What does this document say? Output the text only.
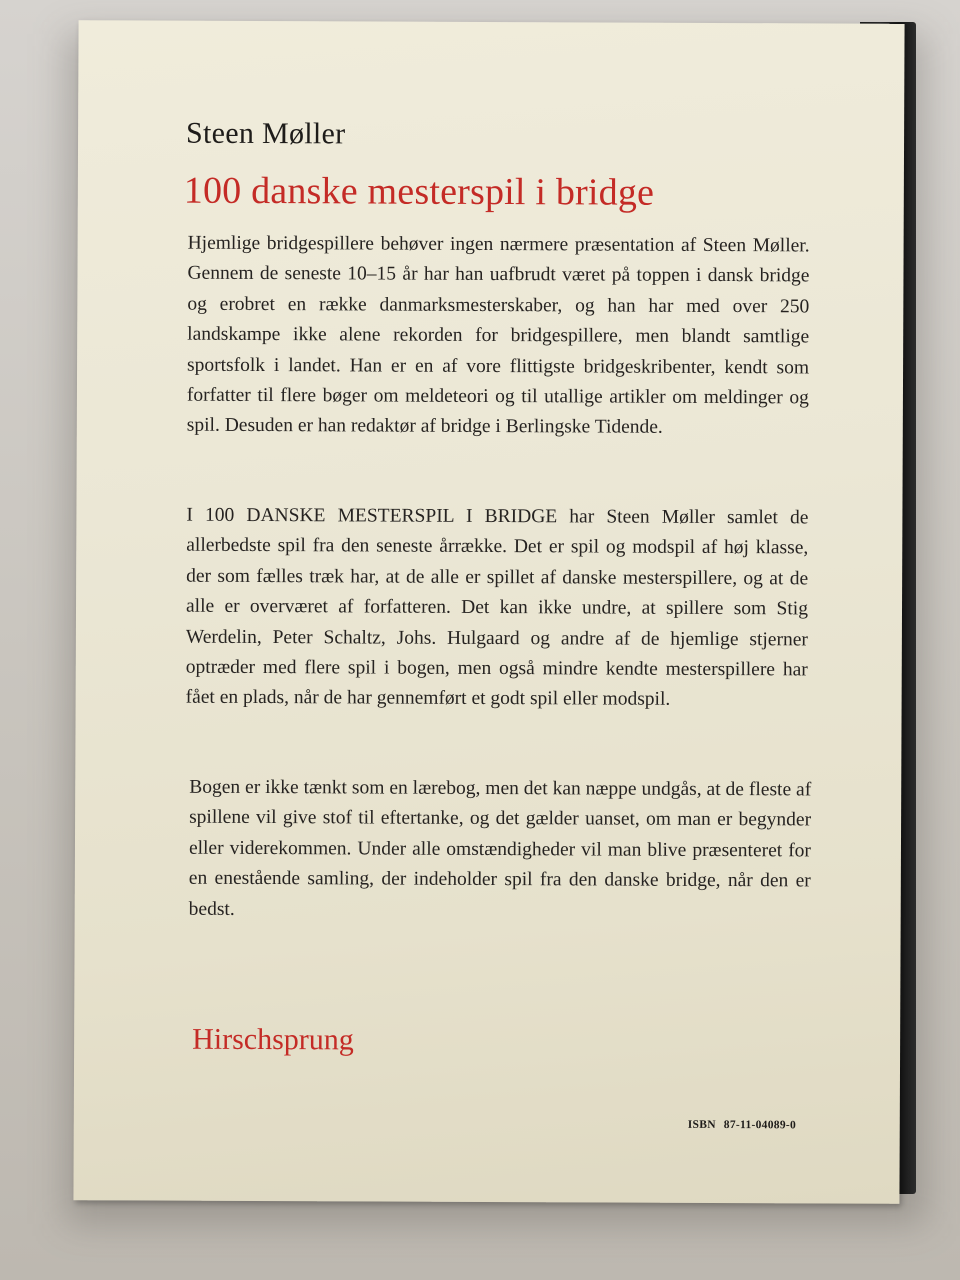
Steen Møller
100 danske mesterspil i bridge
Hjemlige bridgespillere behøver ingen nærmere præsentation af Steen Møller. Gennem de seneste 10–15 år har han uafbrudt været på toppen i dansk bridge og erobret en række danmarksmesterskaber, og han har med over 250 landskampe ikke alene rekorden for bridgespillere, men blandt samtlige sportsfolk i landet. Han er en af vore flittigste bridgeskribenter, kendt som forfatter til flere bøger om meldeteori og til utallige artikler om meldinger og spil. Desuden er han redaktør af bridge i Berlingske Tidende.
I 100 DANSKE MESTERSPIL I BRIDGE har Steen Møller samlet de allerbedste spil fra den seneste årrække. Det er spil og modspil af høj klasse, der som fælles træk har, at de alle er spillet af danske mesterspillere, og at de alle er overværet af forfatteren. Det kan ikke undre, at spillere som Stig Werdelin, Peter Schaltz, Johs. Hulgaard og andre af de hjemlige stjerner optræder med flere spil i bogen, men også mindre kendte mesterspillere har fået en plads, når de har gennemført et godt spil eller modspil.
Bogen er ikke tænkt som en lærebog, men det kan næppe undgås, at de fleste af spillene vil give stof til eftertanke, og det gælder uanset, om man er begynder eller viderekommen. Under alle omstændigheder vil man blive præsenteret for en enestående samling, der indeholder spil fra den danske bridge, når den er bedst.
Hirschsprung
ISBN 87-11-04089-0
